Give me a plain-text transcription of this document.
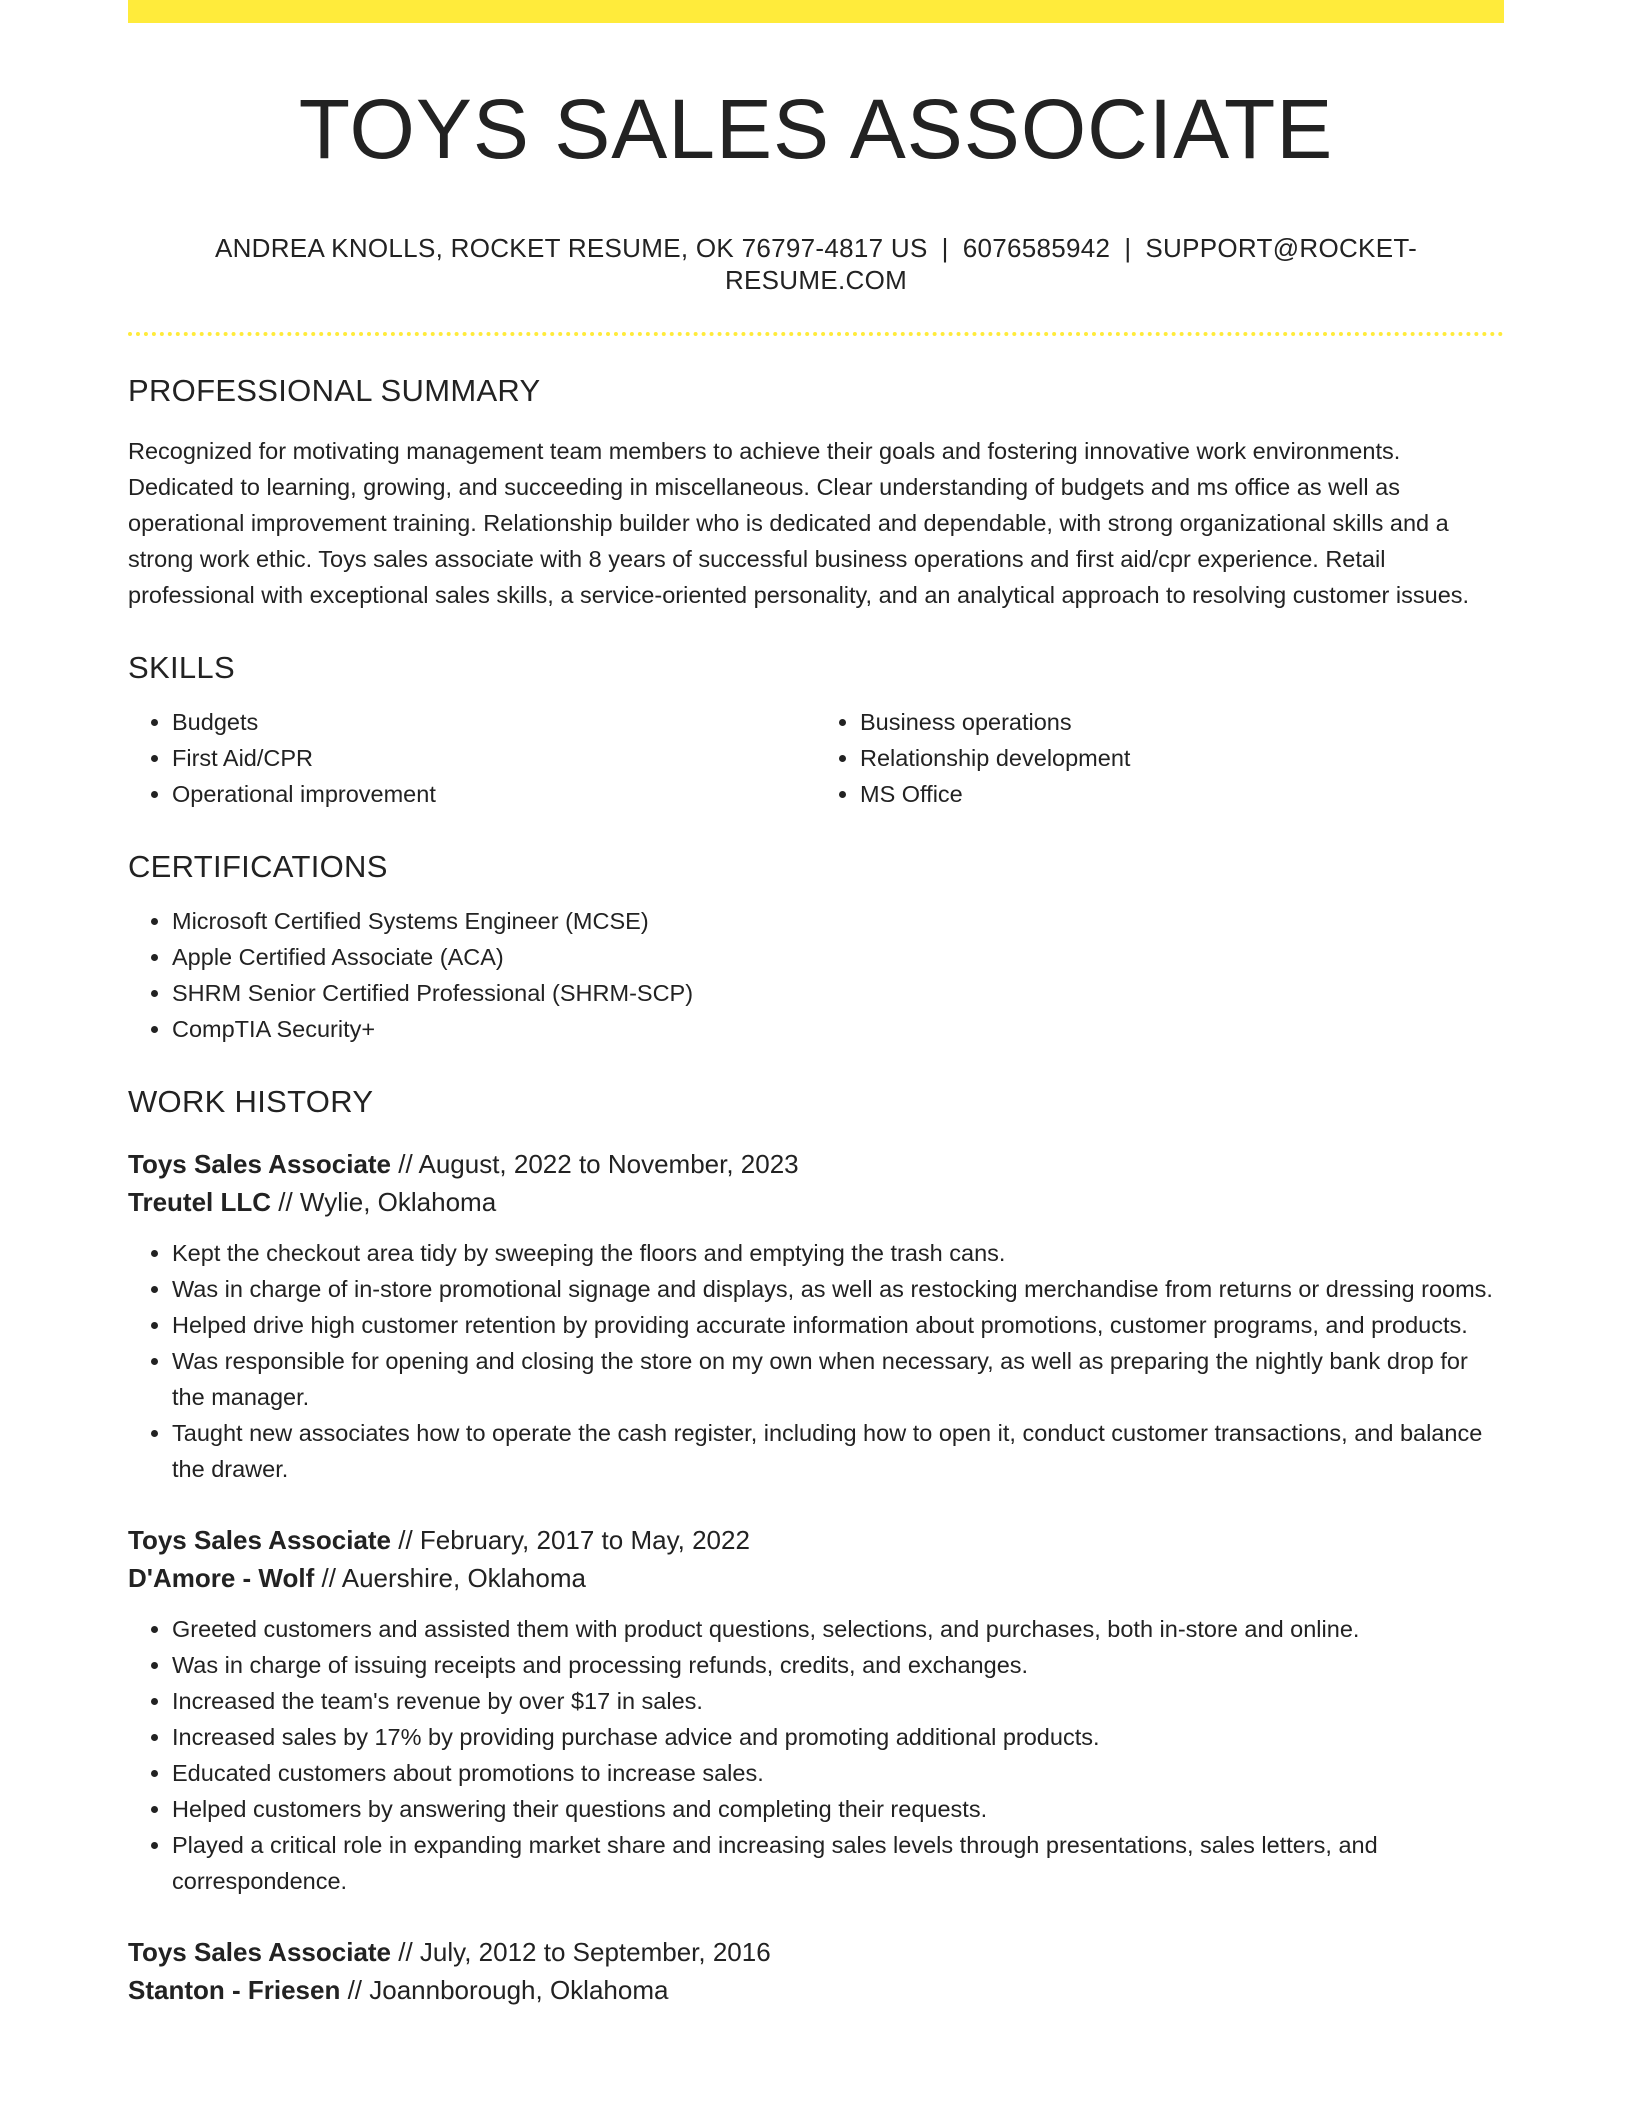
TOYS SALES ASSOCIATE
ANDREA KNOLLS, ROCKET RESUME, OK 76797-4817 US | 6076585942 | SUPPORT@ROCKET-RESUME.COM
PROFESSIONAL SUMMARY
Recognized for motivating management team members to achieve their goals and fostering innovative work environments. Dedicated to learning, growing, and succeeding in miscellaneous. Clear understanding of budgets and ms office as well as operational improvement training. Relationship builder who is dedicated and dependable, with strong organizational skills and a strong work ethic. Toys sales associate with 8 years of successful business operations and first aid/cpr experience. Retail professional with exceptional sales skills, a service-oriented personality, and an analytical approach to resolving customer issues.
SKILLS
• Budgets
• First Aid/CPR
• Operational improvement
• Business operations
• Relationship development
• MS Office
CERTIFICATIONS
• Microsoft Certified Systems Engineer (MCSE)
• Apple Certified Associate (ACA)
• SHRM Senior Certified Professional (SHRM-SCP)
• CompTIA Security+
WORK HISTORY
Toys Sales Associate // August, 2022 to November, 2023
Treutel LLC // Wylie, Oklahoma
• Kept the checkout area tidy by sweeping the floors and emptying the trash cans.
• Was in charge of in-store promotional signage and displays, as well as restocking merchandise from returns or dressing rooms.
• Helped drive high customer retention by providing accurate information about promotions, customer programs, and products.
• Was responsible for opening and closing the store on my own when necessary, as well as preparing the nightly bank drop for the manager.
• Taught new associates how to operate the cash register, including how to open it, conduct customer transactions, and balance the drawer.
Toys Sales Associate // February, 2017 to May, 2022
D'Amore - Wolf // Auershire, Oklahoma
• Greeted customers and assisted them with product questions, selections, and purchases, both in-store and online.
• Was in charge of issuing receipts and processing refunds, credits, and exchanges.
• Increased the team's revenue by over $17 in sales.
• Increased sales by 17% by providing purchase advice and promoting additional products.
• Educated customers about promotions to increase sales.
• Helped customers by answering their questions and completing their requests.
• Played a critical role in expanding market share and increasing sales levels through presentations, sales letters, and correspondence.
Toys Sales Associate // July, 2012 to September, 2016
Stanton - Friesen // Joannborough, Oklahoma
